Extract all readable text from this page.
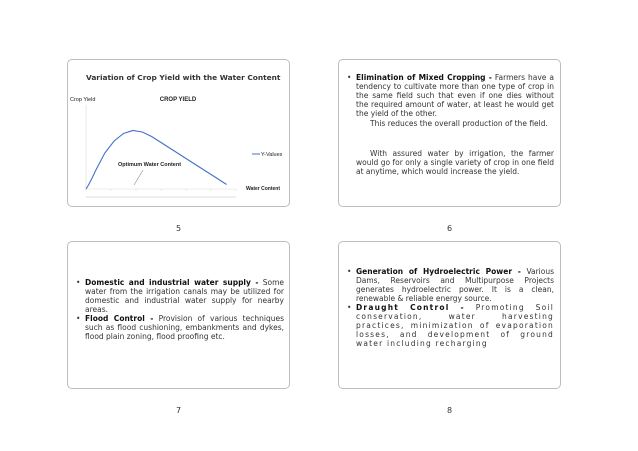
Variation of Crop Yield with the Water Content
CROP YIELD
Crop Yield
Optimum Water Content
Y-Values
Water Content
5
• Elimination of Mixed Cropping - Farmers have a tendency to cultivate more than one type of crop in the same field such that even if one dies without the required amount of water, at least he would get the yield of the other.
This reduces the overall production of the field.
With assured water by irrigation, the farmer would go for only a single variety of crop in one field at anytime, which would increase the yield.
6
• Domestic and industrial water supply - Some water from the irrigation canals may be utilized for domestic and industrial water supply for nearby areas.
• Flood Control - Provision of various techniques such as flood cushioning, embankments and dykes, flood plain zoning, flood proofing etc.
7
• Generation of Hydroelectric Power - Various Dams, Reservoirs and Multipurpose Projects generates hydroelectric power. It is a clean, renewable & reliable energy source.
• Draught Control - Promoting Soil conservation, water harvesting practices, minimization of evaporation losses, and development of ground water including recharging
8
